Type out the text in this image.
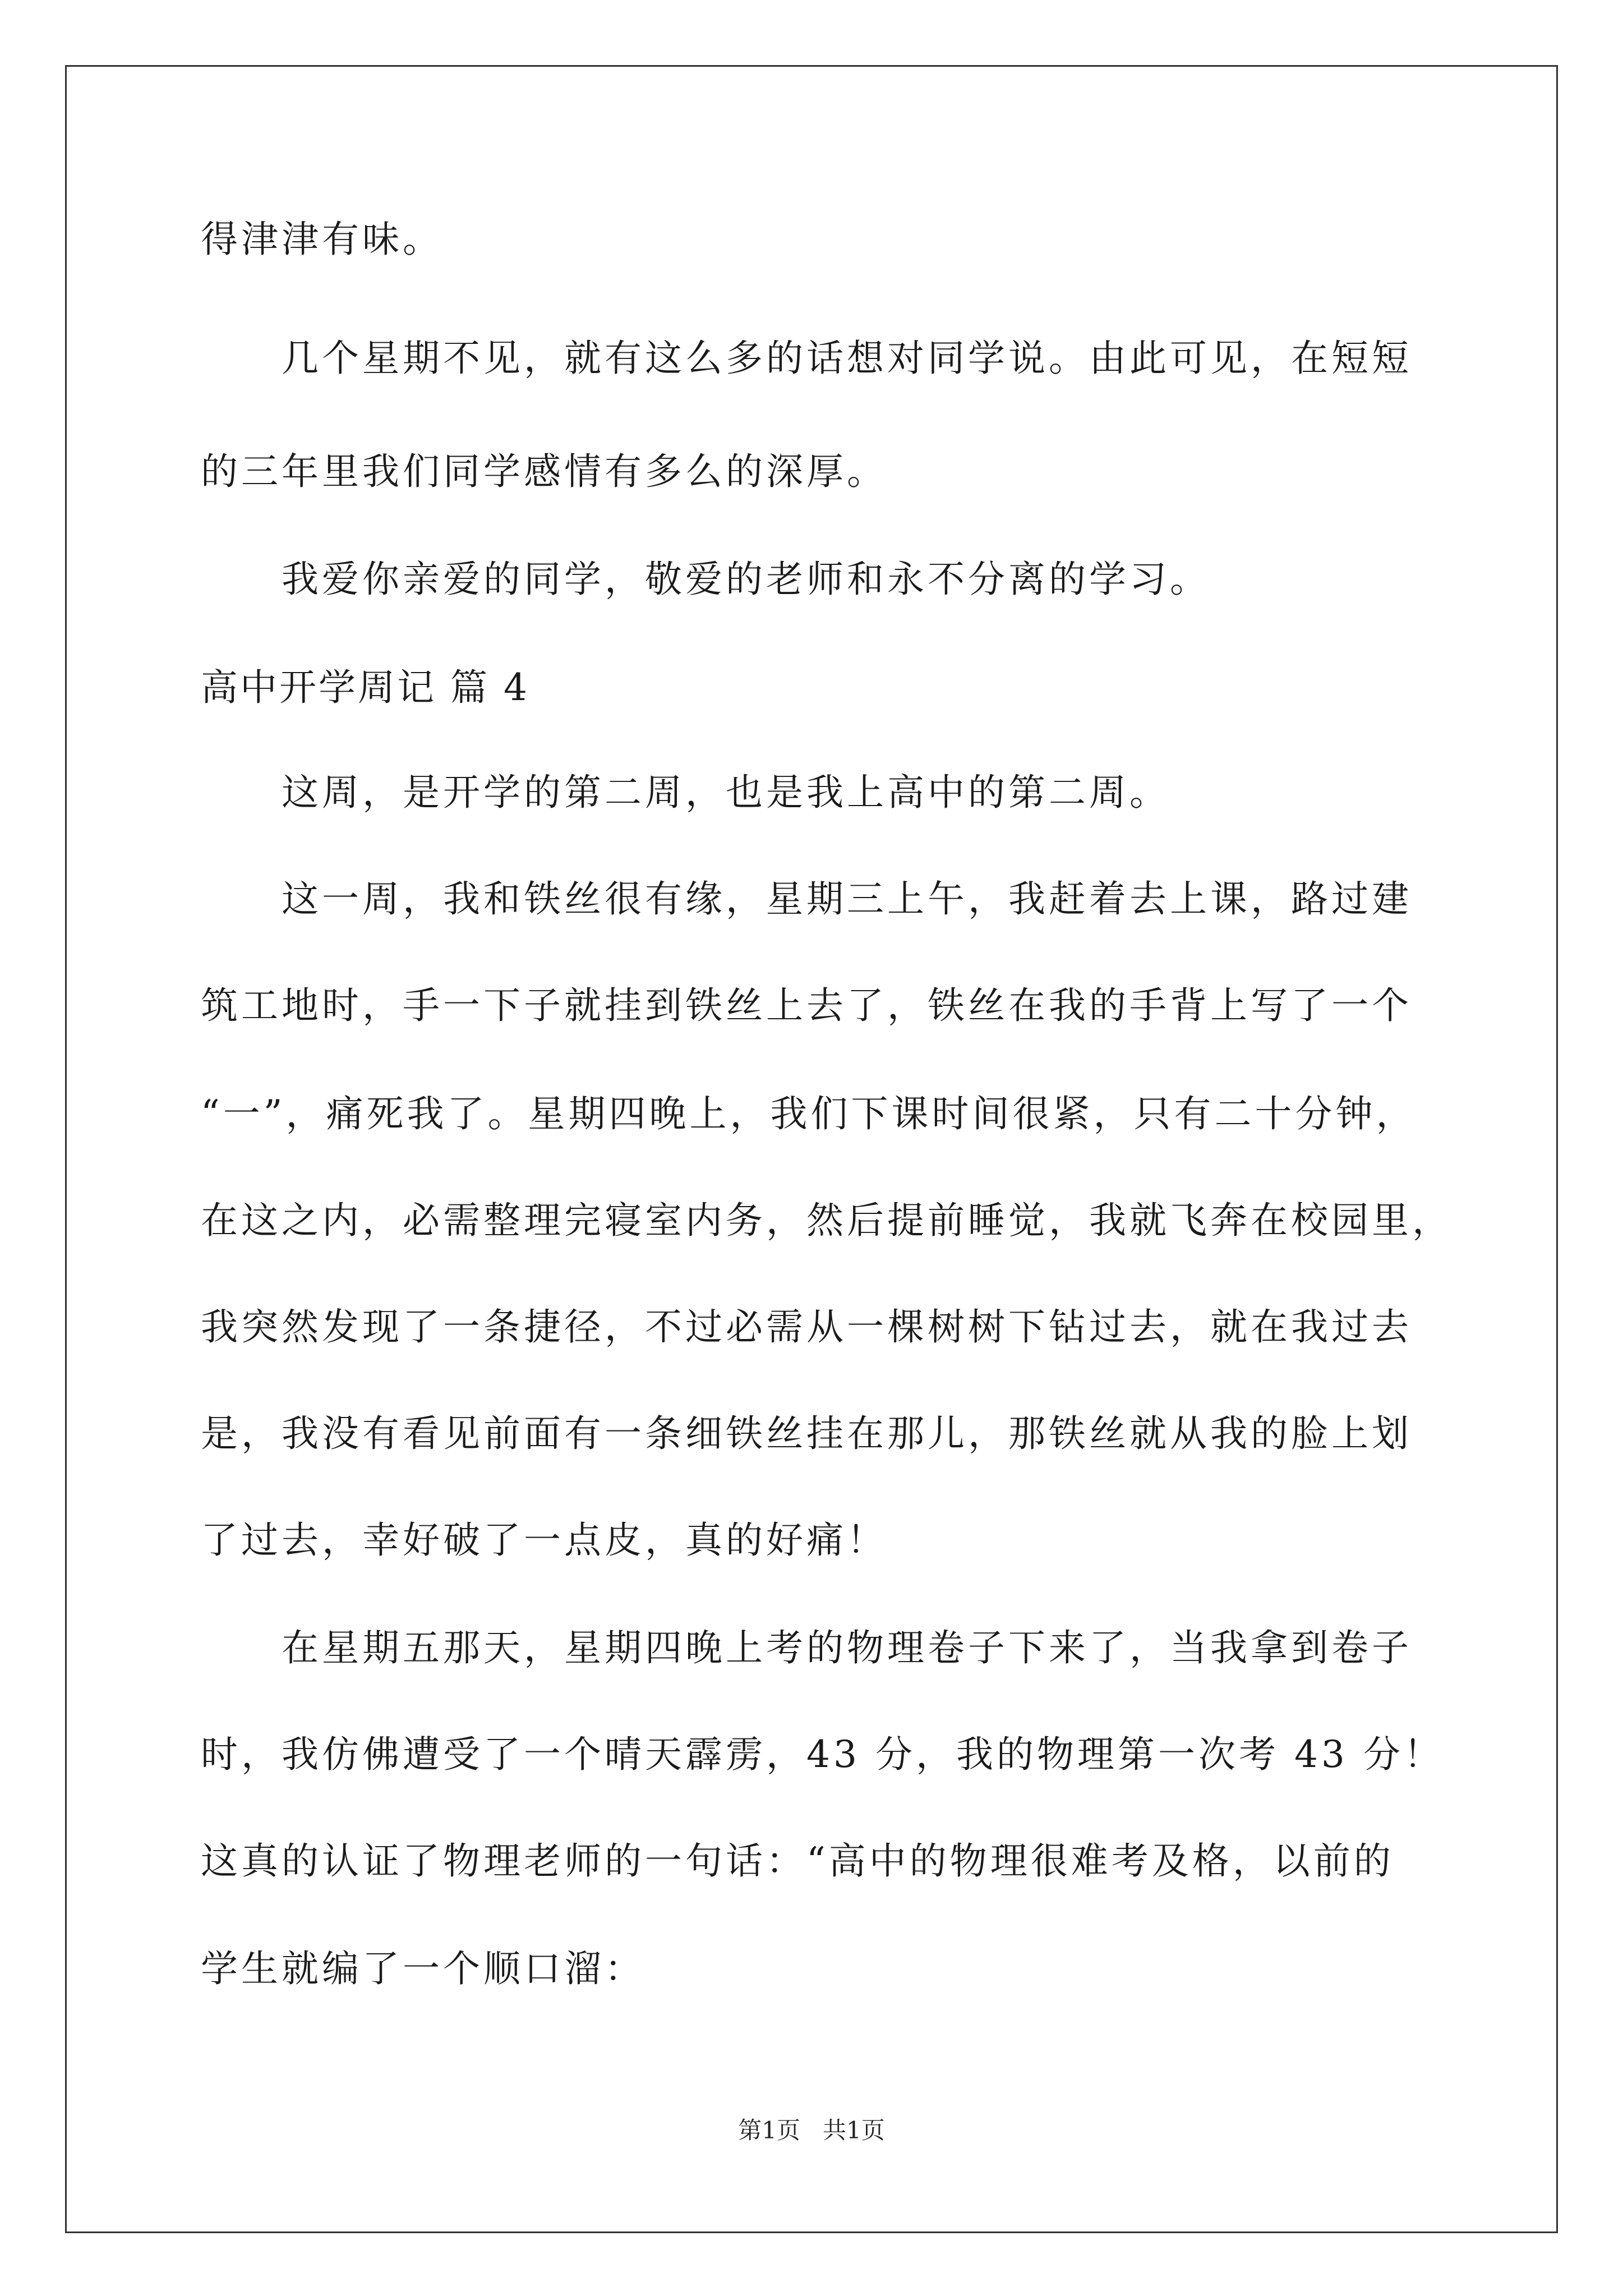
得津津有味。
几个星期不见，就有这么多的话想对同学说。由此可见，在短短
的三年里我们同学感情有多么的深厚。
我爱你亲爱的同学，敬爱的老师和永不分离的学习。
高中开学周记 篇 4
这周，是开学的第二周，也是我上高中的第二周。
这一周，我和铁丝很有缘，星期三上午，我赶着去上课，路过建
筑工地时，手一下子就挂到铁丝上去了，铁丝在我的手背上写了一个
“一”，痛死我了。星期四晚上，我们下课时间很紧，只有二十分钟，
在这之内，必需整理完寝室内务，然后提前睡觉，我就飞奔在校园里，
我突然发现了一条捷径，不过必需从一棵树树下钻过去，就在我过去
是，我没有看见前面有一条细铁丝挂在那儿，那铁丝就从我的脸上划
了过去，幸好破了一点皮，真的好痛！
在星期五那天，星期四晚上考的物理卷子下来了，当我拿到卷子
时，我仿佛遭受了一个晴天霹雳，43 分，我的物理第一次考 43 分！
这真的认证了物理老师的一句话：“高中的物理很难考及格，以前的
学生就编了一个顺口溜：
第1页   共1页
